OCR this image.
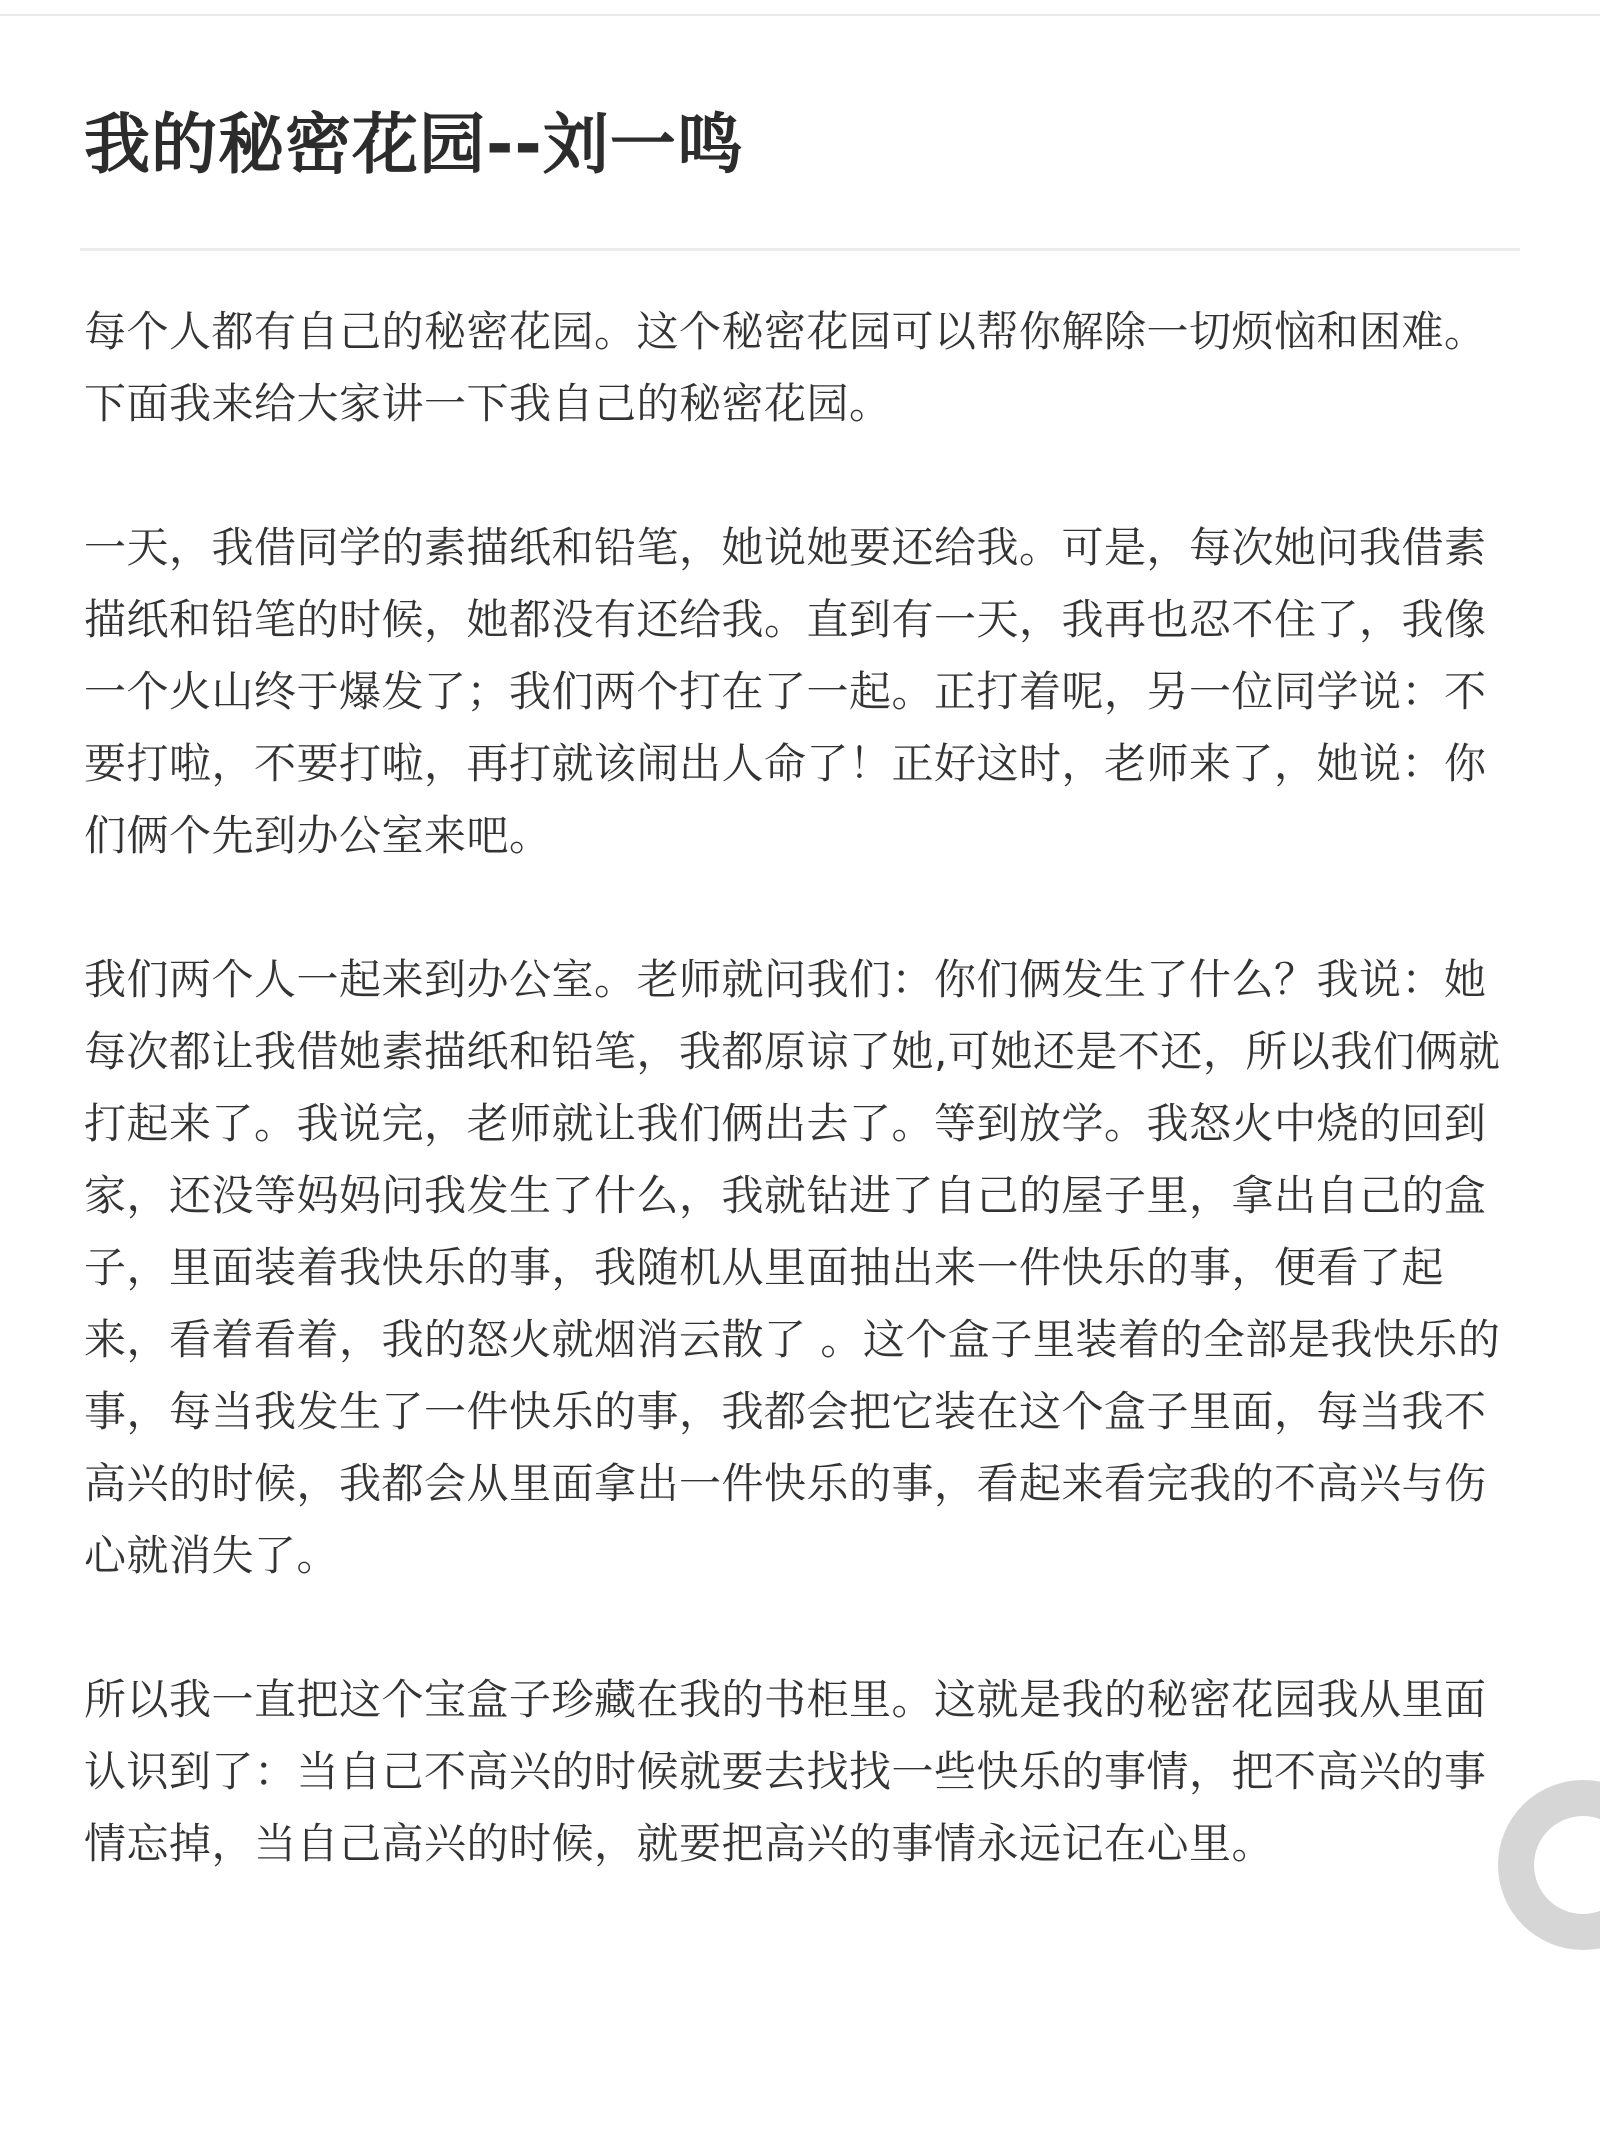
我的秘密花园--刘一鸣

每个人都有自己的秘密花园。这个秘密花园可以帮你解除一切烦恼和困难。下面我来给大家讲一下我自己的秘密花园。

一天，我借同学的素描纸和铅笔，她说她要还给我。可是，每次她问我借素描纸和铅笔的时候，她都没有还给我。直到有一天，我再也忍不住了，我像一个火山终于爆发了；我们两个打在了一起。正打着呢，另一位同学说：不要打啦，不要打啦，再打就该闹出人命了！正好这时，老师来了，她说：你们俩个先到办公室来吧。

我们两个人一起来到办公室。老师就问我们：你们俩发生了什么？我说：她每次都让我借她素描纸和铅笔，我都原谅了她,可她还是不还，所以我们俩就打起来了。我说完，老师就让我们俩出去了。等到放学。我怒火中烧的回到家，还没等妈妈问我发生了什么，我就钻进了自己的屋子里，拿出自己的盒子，里面装着我快乐的事，我随机从里面抽出来一件快乐的事，便看了起来，看着看着，我的怒火就烟消云散了 。这个盒子里装着的全部是我快乐的事，每当我发生了一件快乐的事，我都会把它装在这个盒子里面，每当我不高兴的时候，我都会从里面拿出一件快乐的事，看起来看完我的不高兴与伤心就消失了。

所以我一直把这个宝盒子珍藏在我的书柜里。这就是我的秘密花园我从里面认识到了：当自己不高兴的时候就要去找找一些快乐的事情，把不高兴的事情忘掉，当自己高兴的时候，就要把高兴的事情永远记在心里。
